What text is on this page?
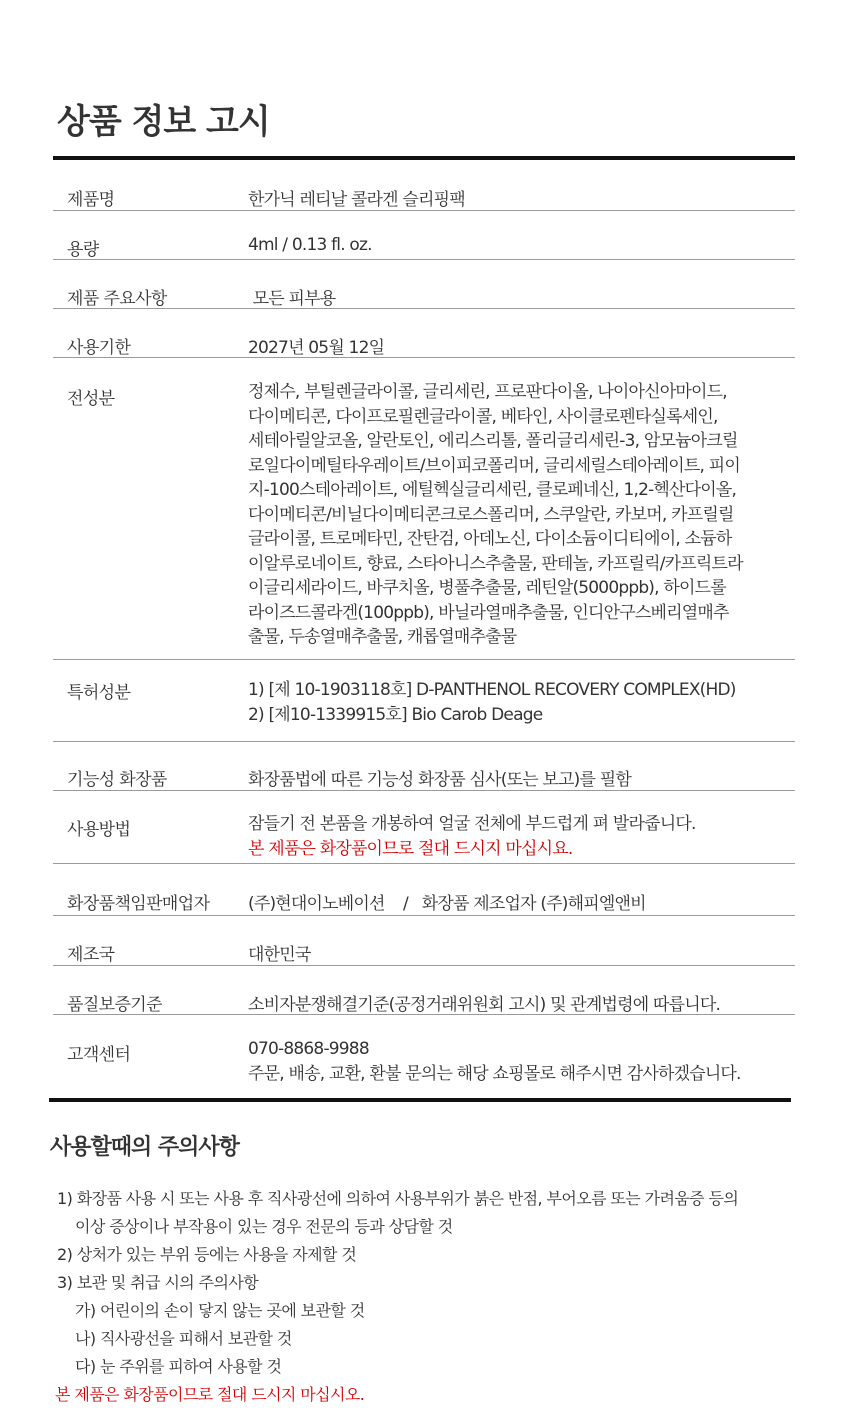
상품 정보 고시
제품명	한가닉 레티날 콜라겐 슬리핑팩
용량	4ml / 0.13 fl. oz.
제품 주요사항	모든 피부용
사용기한	2027년 05월 12일
전성분	정제수, 부틸렌글라이콜, 글리세린, 프로판다이올, 나이아신아마이드,
다이메티콘, 다이프로필렌글라이콜, 베타인, 사이클로펜타실록세인,
세테아릴알코올, 알란토인, 에리스리톨, 폴리글리세린-3, 암모늄아크릴
로일다이메틸타우레이트/브이피코폴리머, 글리세릴스테아레이트, 피이
지-100스테아레이트, 에틸헥실글리세린, 클로페네신, 1,2-헥산다이올,
다이메티콘/비닐다이메티콘크로스폴리머, 스쿠알란, 카보머, 카프릴릴
글라이콜, 트로메타민, 잔탄검, 아데노신, 다이소듐이디티에이, 소듐하
이알루로네이트, 향료, 스타아니스추출물, 판테놀, 카프릴릭/카프릭트라
이글리세라이드, 바쿠치올, 병풀추출물, 레틴알(5000ppb), 하이드롤
라이즈드콜라겐(100ppb), 바닐라열매추출물, 인디안구스베리열매추
출물, 두송열매추출물, 캐롭열매추출물
특허성분	1) [제 10-1903118호] D-PANTHENOL RECOVERY COMPLEX(HD)
2) [제10-1339915호] Bio Carob Deage
기능성 화장품	화장품법에 따른 기능성 화장품 심사(또는 보고)를 필함
사용방법	잠들기 전 본품을 개봉하여 얼굴 전체에 부드럽게 펴 발라줍니다.
본 제품은 화장품이므로 절대 드시지 마십시요.
화장품책임판매업자	(주)현대이노베이션    /   화장품 제조업자 (주)해피엘앤비
제조국	대한민국
품질보증기준	소비자분쟁해결기준(공정거래위원회 고시) 및 관계법령에 따릅니다.
고객센터	070-8868-9988
주문, 배송, 교환, 환불 문의는 해당 쇼핑몰로 해주시면 감사하겠습니다.
사용할때의 주의사항
1) 화장품 사용 시 또는 사용 후 직사광선에 의하여 사용부위가 붉은 반점, 부어오름 또는 가려움증 등의
이상 증상이나 부작용이 있는 경우 전문의 등과 상담할 것
2) 상처가 있는 부위 등에는 사용을 자제할 것
3) 보관 및 취급 시의 주의사항
가) 어린이의 손이 닿지 않는 곳에 보관할 것
나) 직사광선을 피해서 보관할 것
다) 눈 주위를 피하여 사용할 것
본 제품은 화장품이므로 절대 드시지 마십시오.
